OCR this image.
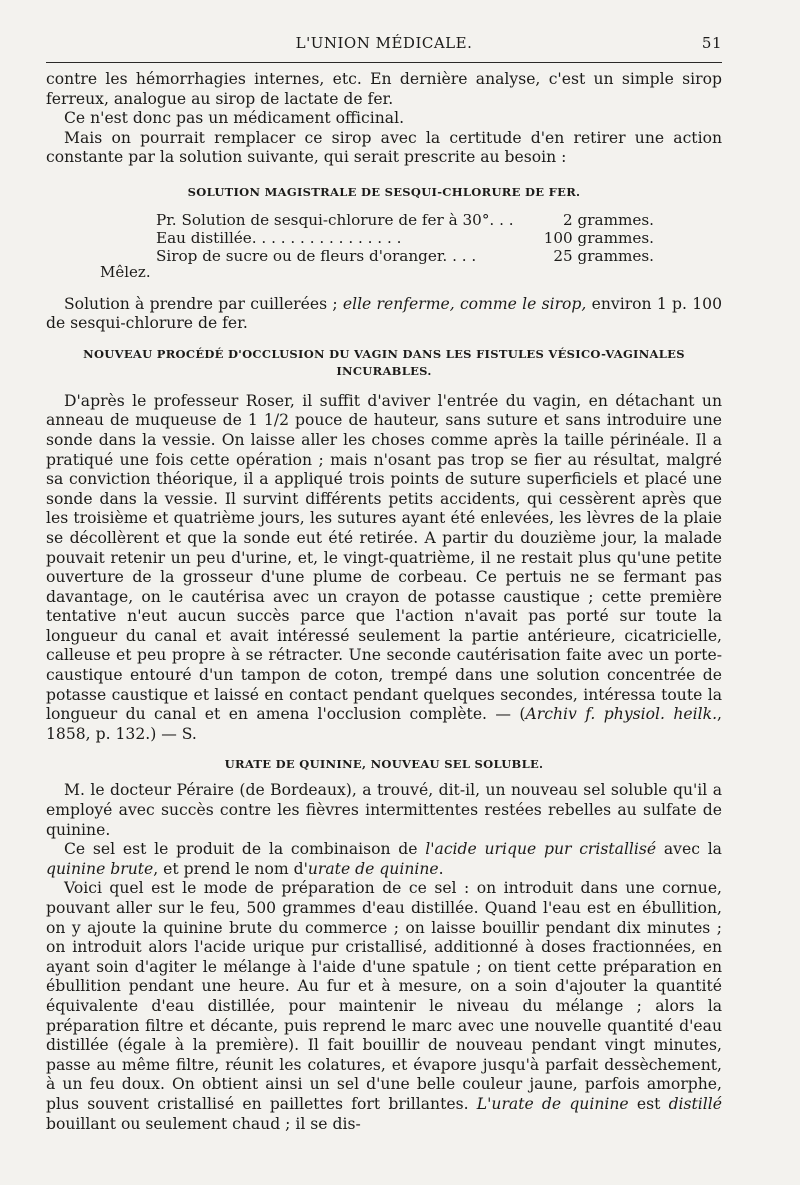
L'UNION MÉDICALE.	51

contre les hémorrhagies internes, etc. En dernière analyse, c'est un simple sirop ferreux, analogue au sirop de lactate de fer.

Ce n'est donc pas un médicament officinal.

Mais on pourrait remplacer ce sirop avec la certitude d'en retirer une action constante par la solution suivante, qui serait prescrite au besoin :

SOLUTION MAGISTRALE DE SESQUI-CHLORURE DE FER.
Pr. Solution de sesqui-chlorure de fer à 30°. . .	2 grammes.
Eau distillée. . . . . . . . . . . . . . . .	100 grammes.
Sirop de sucre ou de fleurs d'oranger. . . .	25 grammes.
Mêlez.

Solution à prendre par cuillerées ; elle renferme, comme le sirop, environ 1 p. 100 de sesqui-chlorure de fer.

NOUVEAU PROCÉDÉ D'OCCLUSION DU VAGIN DANS LES FISTULES VÉSICO-VAGINALES
INCURABLES.

D'après le professeur Roser, il suffit d'aviver l'entrée du vagin, en détachant un anneau de muqueuse de 1 1/2 pouce de hauteur, sans suture et sans introduire une sonde dans la vessie. On laisse aller les choses comme après la taille périnéale. Il a pratiqué une fois cette opération ; mais n'osant pas trop se fier au résultat, malgré sa conviction théorique, il a appliqué trois points de suture superficiels et placé une sonde dans la vessie. Il survint différents petits accidents, qui cessèrent après que les troisième et quatrième jours, les sutures ayant été enlevées, les lèvres de la plaie se décollèrent et que la sonde eut été retirée. A partir du douzième jour, la malade pouvait retenir un peu d'urine, et, le vingt-quatrième, il ne restait plus qu'une petite ouverture de la grosseur d'une plume de corbeau. Ce pertuis ne se fermant pas davantage, on le cautérisa avec un crayon de potasse caustique ; cette première tentative n'eut aucun succès parce que l'action n'avait pas porté sur toute la longueur du canal et avait intéressé seulement la partie antérieure, cicatricielle, calleuse et peu propre à se rétracter. Une seconde cautérisation faite avec un porte-caustique entouré d'un tampon de coton, trempé dans une solution concentrée de potasse caustique et laissé en contact pendant quelques secondes, intéressa toute la longueur du canal et en amena l'occlusion complète. — (Archiv f. physiol. heilk., 1858, p. 132.) — S.

URATE DE QUININE, NOUVEAU SEL SOLUBLE.

M. le docteur Péraire (de Bordeaux), a trouvé, dit-il, un nouveau sel soluble qu'il a employé avec succès contre les fièvres intermittentes restées rebelles au sulfate de quinine.

Ce sel est le produit de la combinaison de l'acide urique pur cristallisé avec la quinine brute, et prend le nom d'urate de quinine.

Voici quel est le mode de préparation de ce sel : on introduit dans une cornue, pouvant aller sur le feu, 500 grammes d'eau distillée. Quand l'eau est en ébullition, on y ajoute la quinine brute du commerce ; on laisse bouillir pendant dix minutes ; on introduit alors l'acide urique pur cristallisé, additionné à doses fractionnées, en ayant soin d'agiter le mélange à l'aide d'une spatule ; on tient cette préparation en ébullition pendant une heure. Au fur et à mesure, on a soin d'ajouter la quantité équivalente d'eau distillée, pour maintenir le niveau du mélange ; alors la préparation filtre et décante, puis reprend le marc avec une nouvelle quantité d'eau distillée (égale à la première). Il fait bouillir de nouveau pendant vingt minutes, passe au même filtre, réunit les colatures, et évapore jusqu'à parfait dessèchement, à un feu doux. On obtient ainsi un sel d'une belle couleur jaune, parfois amorphe, plus souvent cristallisé en paillettes fort brillantes. L'urate de quinine est distillé bouillant ou seulement chaud ; il se dis-
